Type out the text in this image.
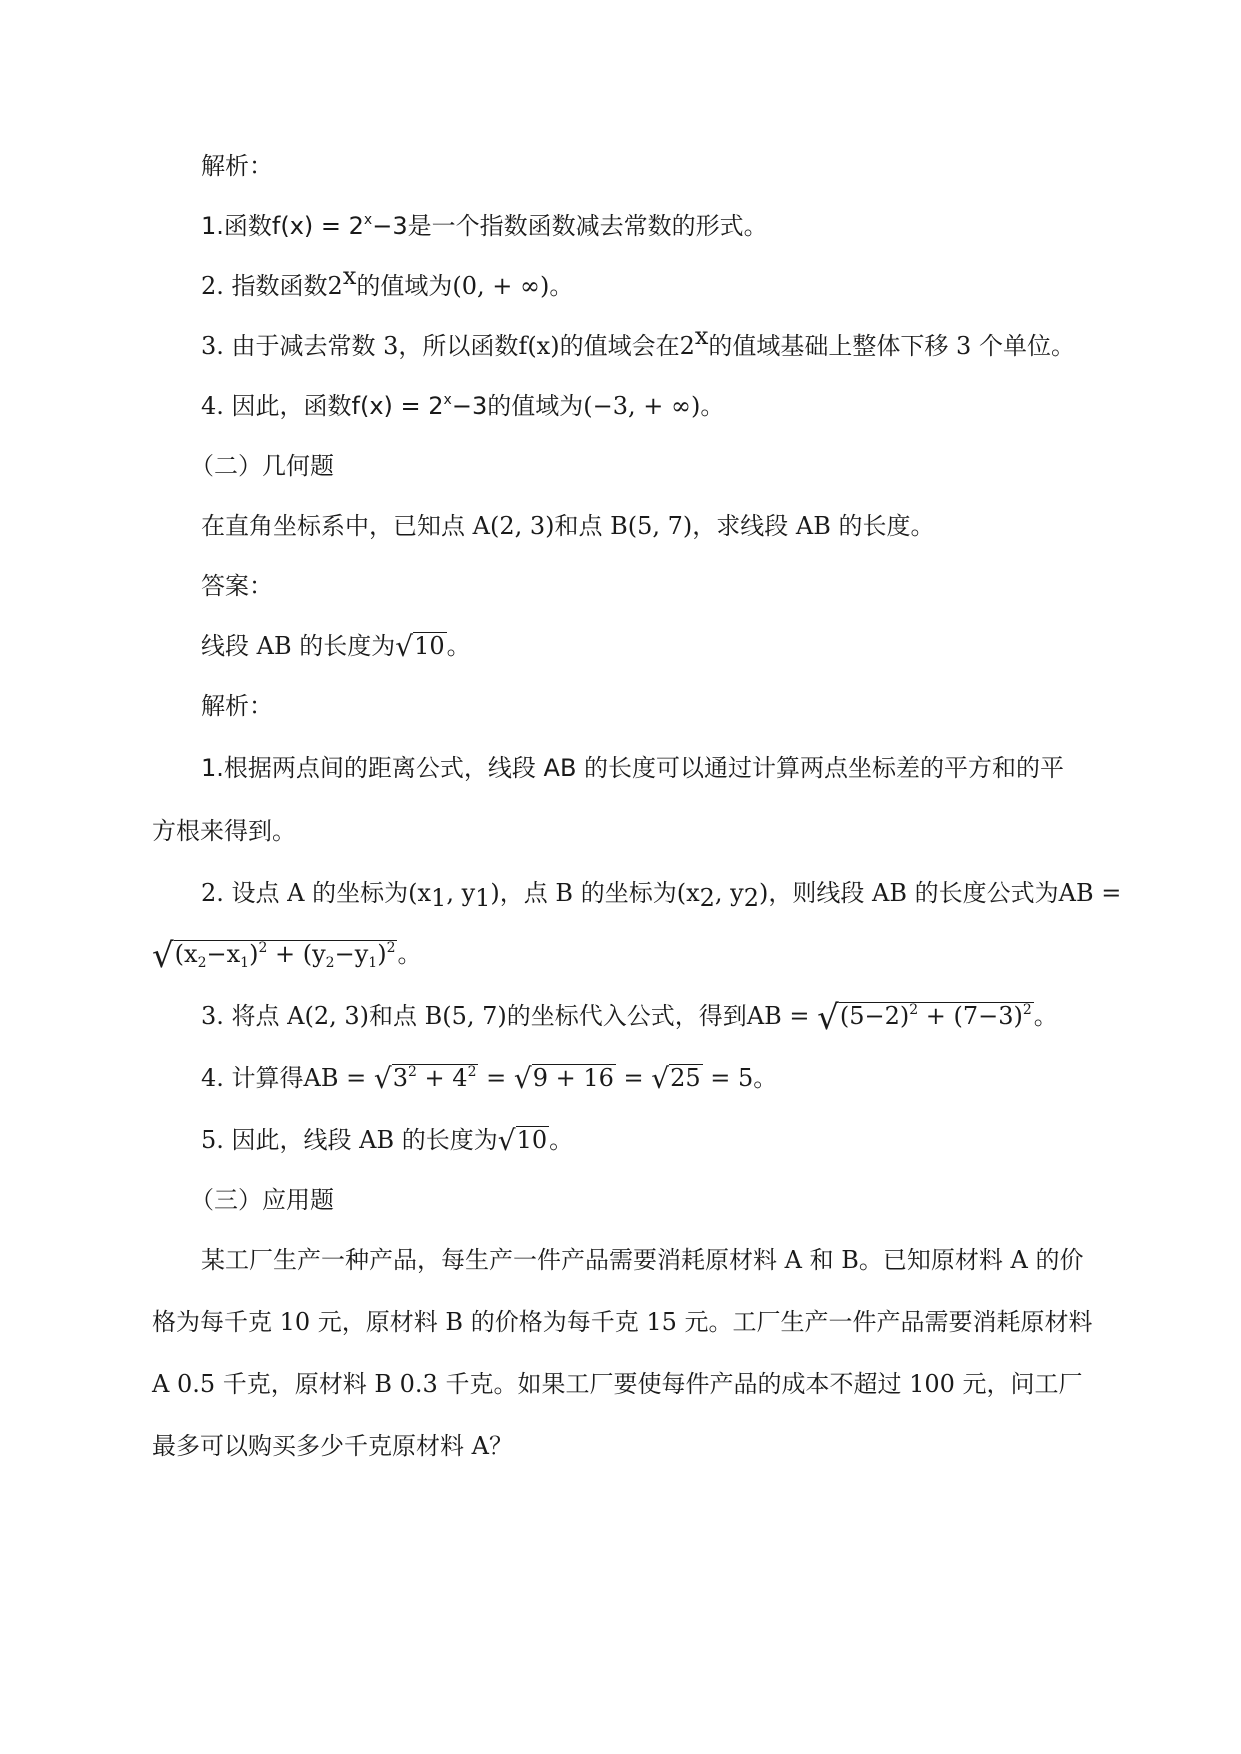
解析：
1.函数$f(x) = 2^x-3$是一个指数函数减去常数的形式。
2. 指数函数2$^x$的值域为(0, + ∞)。
3. 由于减去常数 3，所以函数f(x)的值域会在2$^x$的值域基础上整体下移 3 个单位。
4. 因此，函数$f(x) = 2^x-3$的值域为(−3, + ∞)。
（二）几何题
在直角坐标系中，已知点 A(2, 3)和点 B(5, 7)，求线段 AB 的长度。
答案：
线段 AB 的长度为√10。
解析：
1.根据两点间的距离公式，线段 AB 的长度可以通过计算两点坐标差的平方和的平
方根来得到。
2. 设点 A 的坐标为($x_1$, $y_1$)，点 B 的坐标为($x_2$, $y_2$)，则线段 AB 的长度公式为AB =
$√(x_2-x_1)^2 + (y_2-y_1)^2$。
3. 将点 A(2, 3)和点 B(5, 7)的坐标代入公式，得到AB = $√(5-2)^2 + (7-3)^2$。
4. 计算得AB = $√3^2 + 4^2 = √9 + 16 = √25 = 5$。
5. 因此，线段 AB 的长度为√10。
（三）应用题
某工厂生产一种产品，每生产一件产品需要消耗原材料 A 和 B。已知原材料 A 的价
格为每千克 10 元，原材料 B 的价格为每千克 15 元。工厂生产一件产品需要消耗原材料
A 0.5 千克，原材料 B 0.3 千克。如果工厂要使每件产品的成本不超过 100 元，问工厂
最多可以购买多少千克原材料 A？
